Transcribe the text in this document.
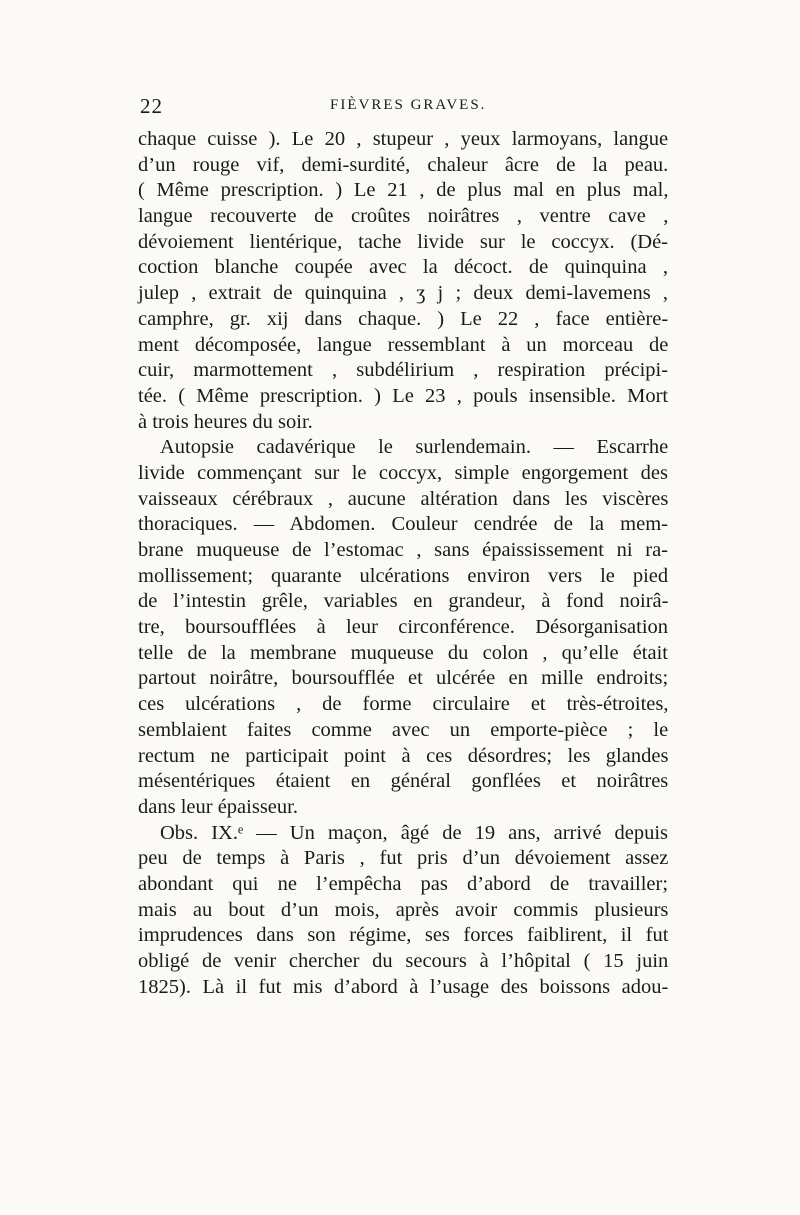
22	FIÈVRES GRAVES.
chaque cuisse ). Le 20 , stupeur , yeux larmoyans, langue
d’un rouge vif, demi-surdité, chaleur âcre de la peau.
( Même prescription. ) Le 21 , de plus mal en plus mal,
langue recouverte de croûtes noirâtres , ventre cave ,
dévoiement lientérique, tache livide sur le coccyx. (Dé-
coction blanche coupée avec la décoct. de quinquina ,
julep , extrait de quinquina , ʒ j ; deux demi-lavemens ,
camphre, gr. xij dans chaque. ) Le 22 , face entière-
ment décomposée, langue ressemblant à un morceau de
cuir, marmottement , subdélirium , respiration précipi-
tée. ( Même prescription. ) Le 23 , pouls insensible. Mort
à trois heures du soir.
Autopsie cadavérique le surlendemain. — Escarrhe
livide commençant sur le coccyx, simple engorgement des
vaisseaux cérébraux , aucune altération dans les viscères
thoraciques. — Abdomen. Couleur cendrée de la mem-
brane muqueuse de l’estomac , sans épaississement ni ra-
mollissement; quarante ulcérations environ vers le pied
de l’intestin grêle, variables en grandeur, à fond noirâ-
tre, boursoufflées à leur circonférence. Désorganisation
telle de la membrane muqueuse du colon , qu’elle était
partout noirâtre, boursoufflée et ulcérée en mille endroits;
ces ulcérations , de forme circulaire et très-étroites,
semblaient faites comme avec un emporte-pièce ; le
rectum ne participait point à ces désordres; les glandes
mésentériques étaient en général gonflées et noirâtres
dans leur épaisseur.
Obs. IX.ᵉ — Un maçon, âgé de 19 ans, arrivé depuis
peu de temps à Paris , fut pris d’un dévoiement assez
abondant qui ne l’empêcha pas d’abord de travailler;
mais au bout d’un mois, après avoir commis plusieurs
imprudences dans son régime, ses forces faiblirent, il fut
obligé de venir chercher du secours à l’hôpital ( 15 juin
1825). Là il fut mis d’abord à l’usage des boissons adou-
